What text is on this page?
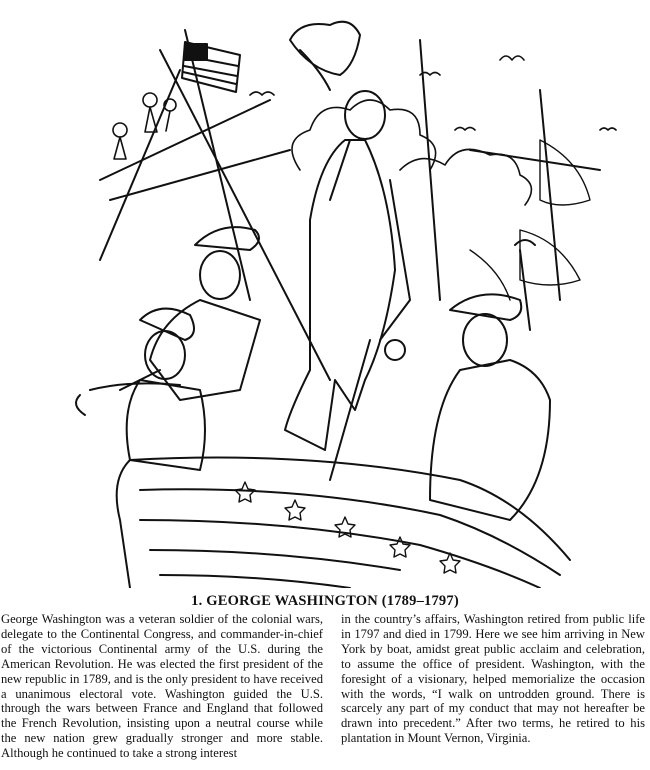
1. GEORGE WASHINGTON (1789–1797)

George Washington was a veteran soldier of the colonial wars, delegate to the Continental Congress, and commander-in-chief of the victorious Continental army of the U.S. during the American Revolution. He was elected the first president of the new republic in 1789, and is the only president to have received a unanimous electoral vote. Washington guided the U.S. through the wars between France and England that followed the French Revolution, insisting upon a neutral course while the new nation grew gradually stronger and more stable. Although he continued to take a strong interest

in the country’s affairs, Washington retired from public life in 1797 and died in 1799. Here we see him arriving in New York by boat, amidst great public acclaim and celebration, to assume the office of president. Washington, with the foresight of a visionary, helped memorialize the occasion with the words, “I walk on untrodden ground. There is scarcely any part of my conduct that may not hereafter be drawn into precedent.” After two terms, he retired to his plantation in Mount Vernon, Virginia.
